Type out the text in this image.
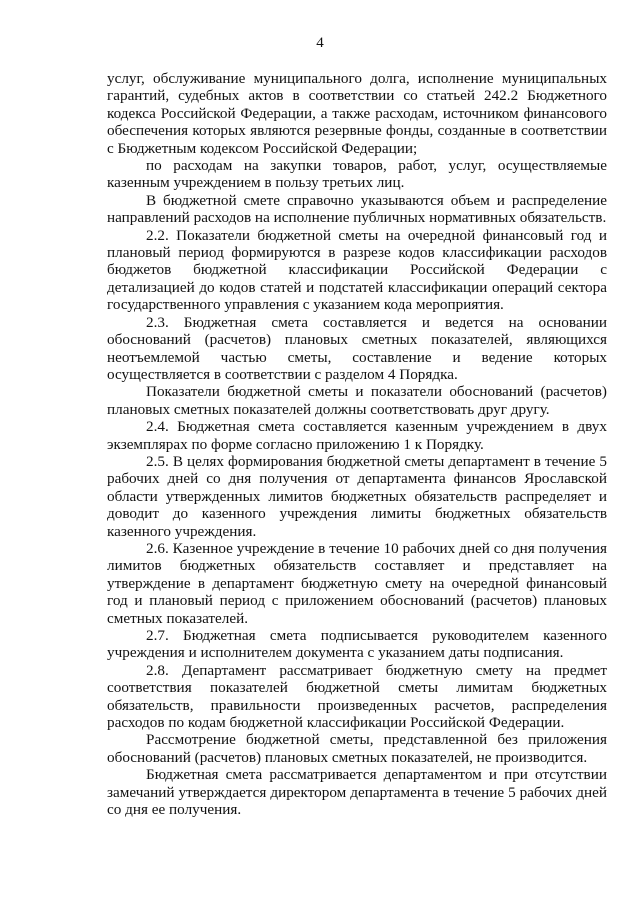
4

услуг, обслуживание муниципального долга, исполнение муниципальных гарантий, судебных актов в соответствии со статьей 242.2 Бюджетного кодекса Российской Федерации, а также расходам, источником финансового обеспечения которых являются резервные фонды, созданные в соответствии с Бюджетным кодексом Российской Федерации;

по расходам на закупки товаров, работ, услуг, осуществляемые казенным учреждением в пользу третьих лиц.

В бюджетной смете справочно указываются объем и распределение направлений расходов на исполнение публичных нормативных обязательств.

2.2. Показатели бюджетной сметы на очередной финансовый год и плановый период формируются в разрезе кодов классификации расходов бюджетов бюджетной классификации Российской Федерации с детализацией до кодов статей и подстатей классификации операций сектора государственного управления с указанием кода мероприятия.

2.3. Бюджетная смета составляется и ведется на основании обоснований (расчетов) плановых сметных показателей, являющихся неотъемлемой частью сметы, составление и ведение которых осуществляется в соответствии с разделом 4 Порядка.

Показатели бюджетной сметы и показатели обоснований (расчетов) плановых сметных показателей должны соответствовать друг другу.

2.4. Бюджетная смета составляется казенным учреждением в двух экземплярах по форме согласно приложению 1 к Порядку.

2.5. В целях формирования бюджетной сметы департамент в течение 5 рабочих дней со дня получения от департамента финансов Ярославской области утвержденных лимитов бюджетных обязательств распределяет и доводит до казенного учреждения лимиты бюджетных обязательств казенного учреждения.

2.6. Казенное учреждение в течение 10 рабочих дней со дня получения лимитов бюджетных обязательств составляет и представляет на утверждение в департамент бюджетную смету на очередной финансовый год и плановый период с приложением обоснований (расчетов) плановых сметных показателей.

2.7. Бюджетная смета подписывается руководителем казенного учреждения и исполнителем документа с указанием даты подписания.

2.8. Департамент рассматривает бюджетную смету на предмет соответствия показателей бюджетной сметы лимитам бюджетных обязательств, правильности произведенных расчетов, распределения расходов по кодам бюджетной классификации Российской Федерации.

Рассмотрение бюджетной сметы, представленной без приложения обоснований (расчетов) плановых сметных показателей, не производится.

Бюджетная смета рассматривается департаментом и при отсутствии замечаний утверждается директором департамента в течение 5 рабочих дней со дня ее получения.
